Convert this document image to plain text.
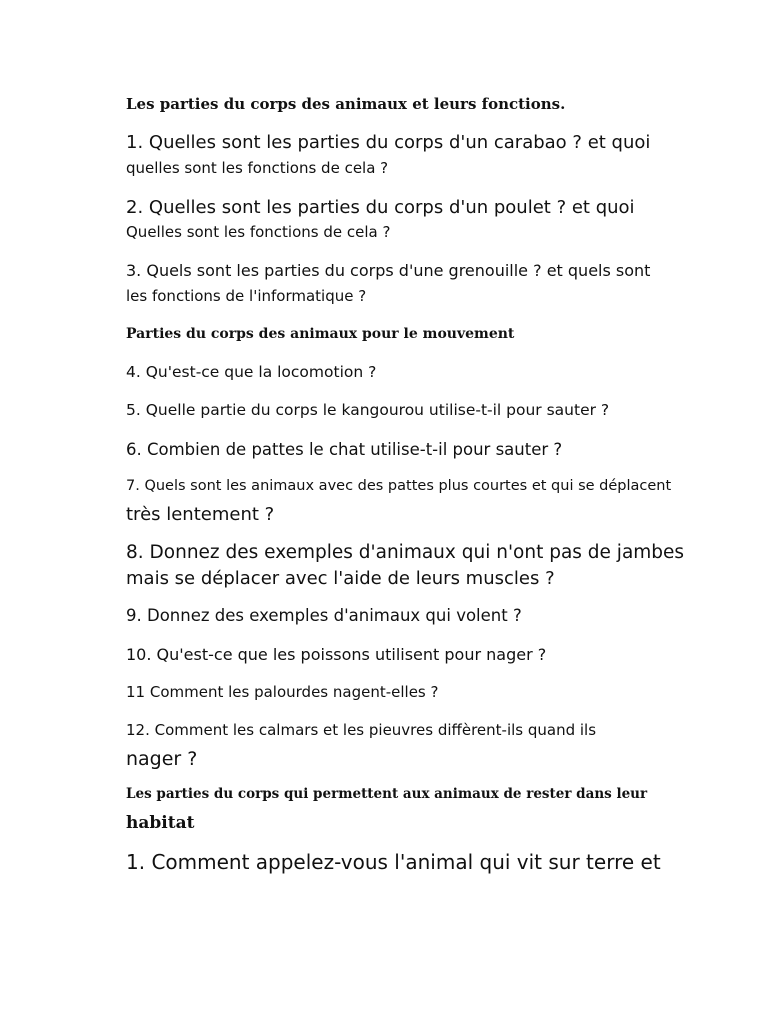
Les parties du corps des animaux et leurs fonctions.
1. Quelles sont les parties du corps d'un carabao ? et quoi
quelles sont les fonctions de cela ?
2. Quelles sont les parties du corps d'un poulet ? et quoi
Quelles sont les fonctions de cela ?
3. Quels sont les parties du corps d'une grenouille ? et quels sont
les fonctions de l'informatique ?
Parties du corps des animaux pour le mouvement
4. Qu'est-ce que la locomotion ?
5. Quelle partie du corps le kangourou utilise-t-il pour sauter ?
6. Combien de pattes le chat utilise-t-il pour sauter ?
7. Quels sont les animaux avec des pattes plus courtes et qui se déplacent
très lentement ?
8. Donnez des exemples d'animaux qui n'ont pas de jambes
mais se déplacer avec l'aide de leurs muscles ?
9. Donnez des exemples d'animaux qui volent ?
10. Qu'est-ce que les poissons utilisent pour nager ?
11 Comment les palourdes nagent-elles ?
12. Comment les calmars et les pieuvres diffèrent-ils quand ils
nager ?
Les parties du corps qui permettent aux animaux de rester dans leur
habitat
1. Comment appelez-vous l'animal qui vit sur terre et
